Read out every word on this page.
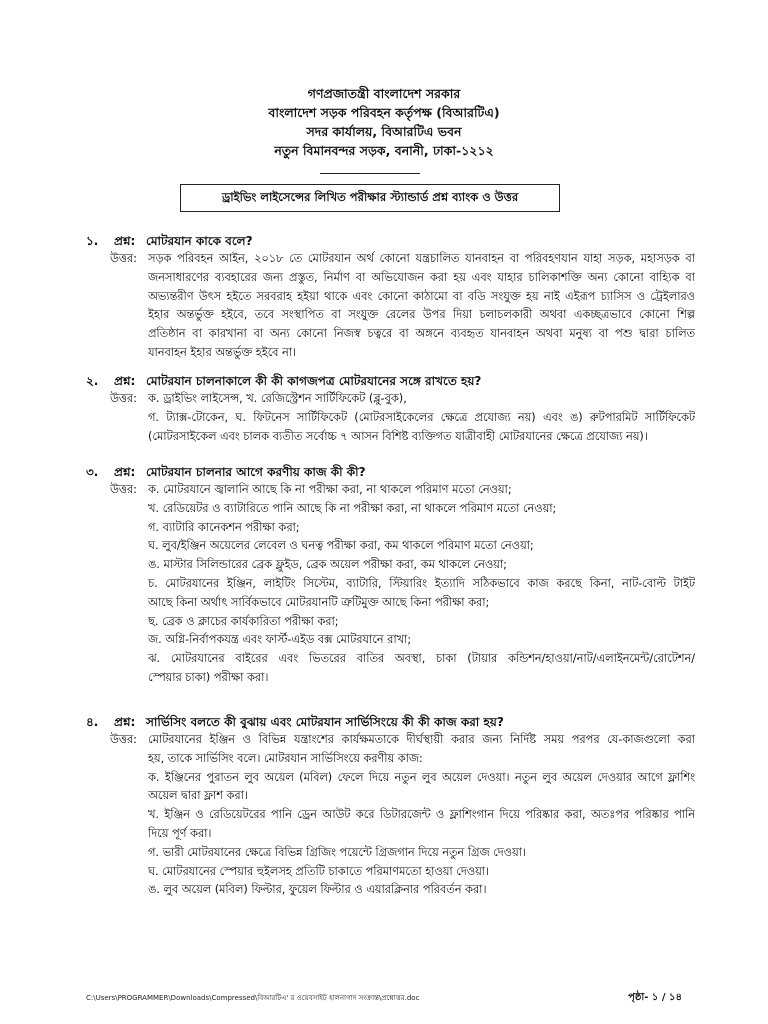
গণপ্রজাতন্ত্রী বাংলাদেশ সরকার
বাংলাদেশ সড়ক পরিবহন কর্তৃপক্ষ (বিআরটিএ)
সদর কার্যালয়, বিআরটিএ ভবন
নতুন বিমানবন্দর সড়ক, বনানী, ঢাকা-১২১২
ড্রাইভিং লাইসেন্সের লিখিত পরীক্ষার স্ট্যান্ডার্ড প্রশ্ন ব্যাংক ও উত্তর
১. প্রশ্ন: মোটরযান কাকে বলে?
উত্তর: সড়ক পরিবহন আইন, ২০১৮ তে মোটরযান অর্থ কোনো যন্ত্রচালিত যানবাহন বা পরিবহণযান যাহা সড়ক, মহাসড়ক বা
জনসাধারণের ব্যবহারের জন্য প্রস্তুত, নির্মাণ বা অভিযোজন করা হয় এবং যাহার চালিকাশক্তি অন্য কোনো বাহ্যিক বা
অভ্যন্তরীণ উৎস হইতে সরবরাহ হইয়া থাকে এবং কোনো কাঠামো বা বডি সংযুক্ত হয় নাই এইরূপ চ্যাসিস ও ট্রেইলারও
ইহার অন্তর্ভুক্ত হইবে, তবে সংস্থাপিত বা সংযুক্ত রেলের উপর দিয়া চলাচলকারী অথবা একচ্ছত্রভাবে কোনো শিল্প
প্রতিষ্ঠান বা কারখানা বা অন্য কোনো নিজস্ব চত্বরে বা অঙ্গনে ব্যবহৃত যানবাহন অথবা মনুষ্য বা পশু দ্বারা চালিত
যানবাহন ইহার অন্তর্ভুক্ত হইবে না।
২. প্রশ্ন: মোটরযান চালনাকালে কী কী কাগজপত্র মোটরযানের সঙ্গে রাখতে হয়?
উত্তর: ক. ড্রাইভিং লাইসেন্স, খ. রেজিস্ট্রেশন সার্টিফিকেট (ব্লু-বুক),
গ. ট্যাক্স-টোকেন, ঘ. ফিটনেস সার্টিফিকেট (মোটরসাইকেলের ক্ষেত্রে প্রযোজ্য নয়) এবং ঙ) রুটপারমিট সার্টিফিকেট
(মোটরসাইকেল এবং চালক ব্যতীত সর্বোচ্চ ৭ আসন বিশিষ্ট ব্যক্তিগত যাত্রীবাহী মোটরযানের ক্ষেত্রে প্রযোজ্য নয়)।
৩. প্রশ্ন: মোটরযান চালনার আগে করণীয় কাজ কী কী?
উত্তর: ক. মোটরযানে জ্বালানি আছে কি না পরীক্ষা করা, না থাকলে পরিমাণ মতো নেওয়া;
খ. রেডিয়েটর ও ব্যাটারিতে পানি আছে কি না পরীক্ষা করা, না থাকলে পরিমাণ মতো নেওয়া;
গ. ব্যাটারি কানেকশন পরীক্ষা করা;
ঘ. লুব/ইঞ্জিন অয়েলের লেবেল ও ঘনত্ব পরীক্ষা করা, কম থাকলে পরিমাণ মতো নেওয়া;
ঙ. মাস্টার সিলিন্ডারের ব্রেক ফ্লুইড, ব্রেক অয়েল পরীক্ষা করা, কম থাকলে নেওয়া;
চ. মোটরযানের ইঞ্জিন, লাইটিং সিস্টেম, ব্যাটারি, স্টিয়ারিং ইত্যাদি সঠিকভাবে কাজ করছে কিনা, নাট-বোল্ট টাইট
আছে কিনা অর্থাৎ সার্বিকভাবে মোটরযানটি ত্রুটিমুক্ত আছে কিনা পরীক্ষা করা;
ছ. ব্রেক ও ক্লাচের কার্যকারিতা পরীক্ষা করা;
জ. অগ্নি-নির্বাপকযন্ত্র এবং ফার্স্ট-এইড বক্স মোটরযানে রাখা;
ঝ. মোটরযানের বাইরের এবং ভিতরের বাতির অবস্থা, চাকা (টায়ার কন্ডিশন/হাওয়া/নাট/এলাইনমেন্ট/রোটেশন/
স্পেয়ার চাকা) পরীক্ষা করা।
৪. প্রশ্ন: সার্ভিসিং বলতে কী বুঝায় এবং মোটরযান সার্ভিসিংয়ে কী কী কাজ করা হয়?
উত্তর: মোটরযানের ইঞ্জিন ও বিভিন্ন যন্ত্রাংশের কার্যক্ষমতাকে দীর্ঘস্থায়ী করার জন্য নির্দিষ্ট সময় পরপর যে-কাজগুলো করা
হয়, তাকে সার্ভিসিং বলে। মোটরযান সার্ভিসিংয়ে করণীয় কাজ:
ক. ইঞ্জিনের পুরাতন লুব অয়েল (মবিল) ফেলে দিয়ে নতুন লুব অয়েল দেওয়া। নতুন লুব অয়েল দেওয়ার আগে ফ্লাশিং
অয়েল দ্বারা ফ্লাশ করা।
খ. ইঞ্জিন ও রেডিয়েটরের পানি ড্রেন আউট করে ডিটারজেন্ট ও ফ্লাশিংগান দিয়ে পরিষ্কার করা, অতঃপর পরিষ্কার পানি
দিয়ে পূর্ণ করা।
গ. ভারী মোটরযানের ক্ষেত্রে বিভিন্ন গ্রিজিং পয়েন্টে গ্রিজগান দিয়ে নতুন গ্রিজ দেওয়া।
ঘ. মোটরযানের স্পেয়ার হুইলসহ প্রতিটি চাকাতে পরিমাণমতো হাওয়া দেওয়া।
ঙ. লুব অয়েল (মবিল) ফিল্টার, ফুয়েল ফিল্টার ও এয়ারক্লিনার পরিবর্তন করা।
C:\Users\PROGRAMMER\Downloads\Compressed\বিআরটিএ' র ওয়েবসাইট হালনাগাদ সংক্রান্ত\প্রশ্নোত্তর.doc	পৃষ্ঠা- ১ / ১৪
